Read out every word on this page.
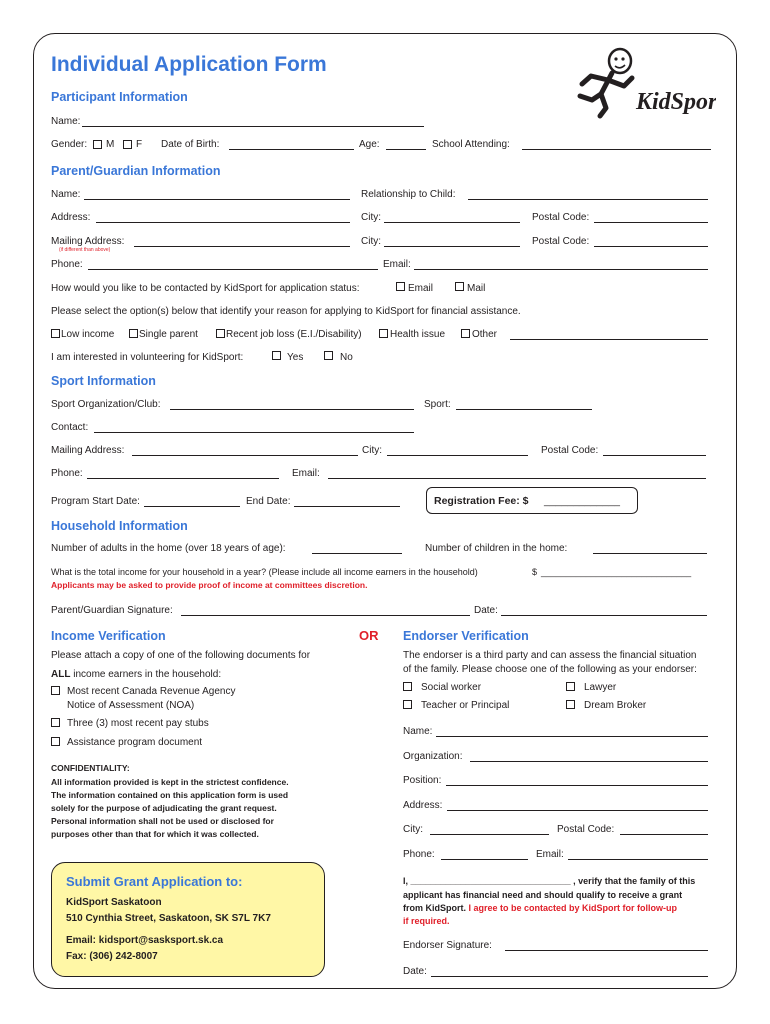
Individual Application Form
KidSport
Participant Information
Name:
Gender: M F Date of Birth:	Age:	School Attending:
Parent/Guardian Information
Name:	Relationship to Child:
Address:	City:	Postal Code:
Mailing Address:
(if different than above)
City:	Postal Code:
Phone:	Email:
How would you like to be contacted by KidSport for application status:	Email	Mail
Please select the option(s) below that identify your reason for applying to KidSport for financial assistance.
Low income Single parent	Recent job loss (E.I./Disability)	Health issue	Other
I am interested in volunteering for KidSport:	Yes	No
Sport Information
Sport Organization/Club:	Sport:
Contact:
Mailing Address:	City:	Postal Code:
Phone:	Email:
Program Start Date:	End Date:	Registration Fee: $ _____________
Household Information
Number of adults in the home (over 18 years of age):	Number of children in the home:
What is the total income for your household in a year? (Please include all income earners in the household)	$ ______________________________
Applicants may be asked to provide proof of income at committees discretion.
Parent/Guardian Signature:	Date:
Income Verification	OR
Please attach a copy of one of the following documents for
ALL income earners in the household:
Most recent Canada Revenue Agency
Notice of Assessment (NOA)
Three (3) most recent pay stubs
Assistance program document
CONFIDENTIALITY:
All information provided is kept in the strictest confidence.
The information contained on this application form is used
solely for the purpose of adjudicating the grant request.
Personal information shall not be used or disclosed for
purposes other than that for which it was collected.
Submit Grant Application to:
KidSport Saskatoon
510 Cynthia Street, Saskatoon, SK S7L 7K7
Email: kidsport@sasksport.sk.ca
Fax: (306) 242-8007
Endorser Verification
The endorser is a third party and can assess the financial situation
of the family. Please choose one of the following as your endorser:
Social worker	Lawyer
Teacher or Principal	Dream Broker
Name:
Organization:
Position:
Address:
City:	Postal Code:
Phone:	Email:
I, ________________________________ , verify that the family of this
applicant has financial need and should qualify to receive a grant
from KidSport. I agree to be contacted by KidSport for follow-up
if required.
Endorser Signature:
Date:
